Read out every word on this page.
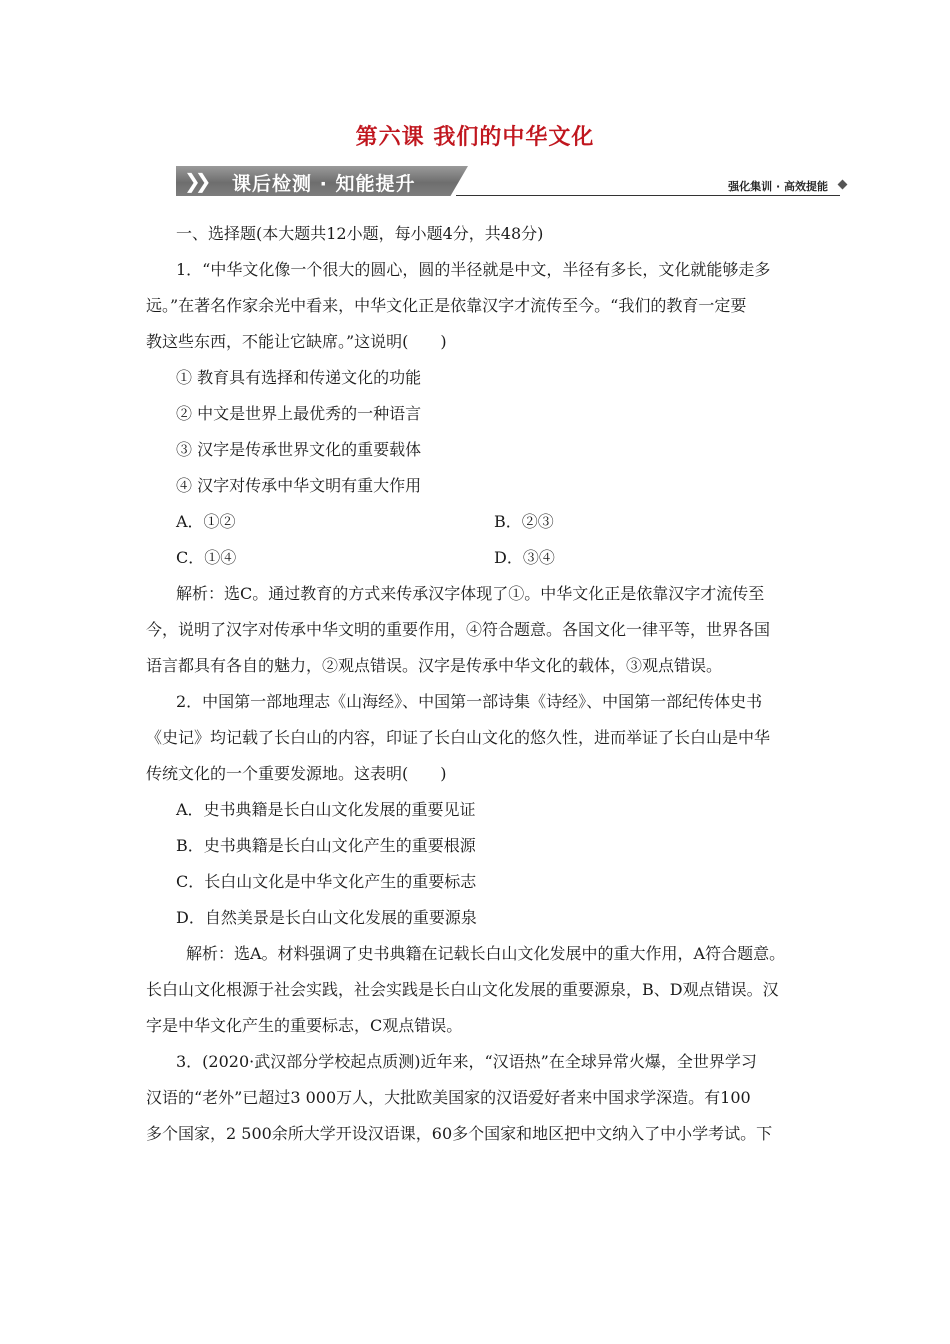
第六课 我们的中华文化
❯❯ 课后检测 · 知能提升	强化集训 · 高效提能
一、选择题(本大题共12小题，每小题4分，共48分)
1．“中华文化像一个很大的圆心，圆的半径就是中文，半径有多长，文化就能够走多
远。”在著名作家余光中看来，中华文化正是依靠汉字才流传至今。“我们的教育一定要
教这些东西，不能让它缺席。”这说明(　　)
① 教育具有选择和传递文化的功能
② 中文是世界上最优秀的一种语言
③ 汉字是传承世界文化的重要载体
④ 汉字对传承中华文明有重大作用
A．①②	B．②③
C．①④	D．③④
解析：选C。通过教育的方式来传承汉字体现了①。中华文化正是依靠汉字才流传至
今，说明了汉字对传承中华文明的重要作用，④符合题意。各国文化一律平等，世界各国
语言都具有各自的魅力，②观点错误。汉字是传承中华文化的载体，③观点错误。
2．中国第一部地理志《山海经》、中国第一部诗集《诗经》、中国第一部纪传体史书
《史记》均记载了长白山的内容，印证了长白山文化的悠久性，进而举证了长白山是中华
传统文化的一个重要发源地。这表明(　　)
A．史书典籍是长白山文化发展的重要见证
B．史书典籍是长白山文化产生的重要根源
C．长白山文化是中华文化产生的重要标志
D．自然美景是长白山文化发展的重要源泉
解析：选A。材料强调了史书典籍在记载长白山文化发展中的重大作用，A符合题意。
长白山文化根源于社会实践，社会实践是长白山文化发展的重要源泉，B、D观点错误。汉
字是中华文化产生的重要标志，C观点错误。
3．(2020·武汉部分学校起点质测)近年来，“汉语热”在全球异常火爆，全世界学习
汉语的“老外”已超过3 000万人，大批欧美国家的汉语爱好者来中国求学深造。有100
多个国家，2 500余所大学开设汉语课，60多个国家和地区把中文纳入了中小学考试。下
